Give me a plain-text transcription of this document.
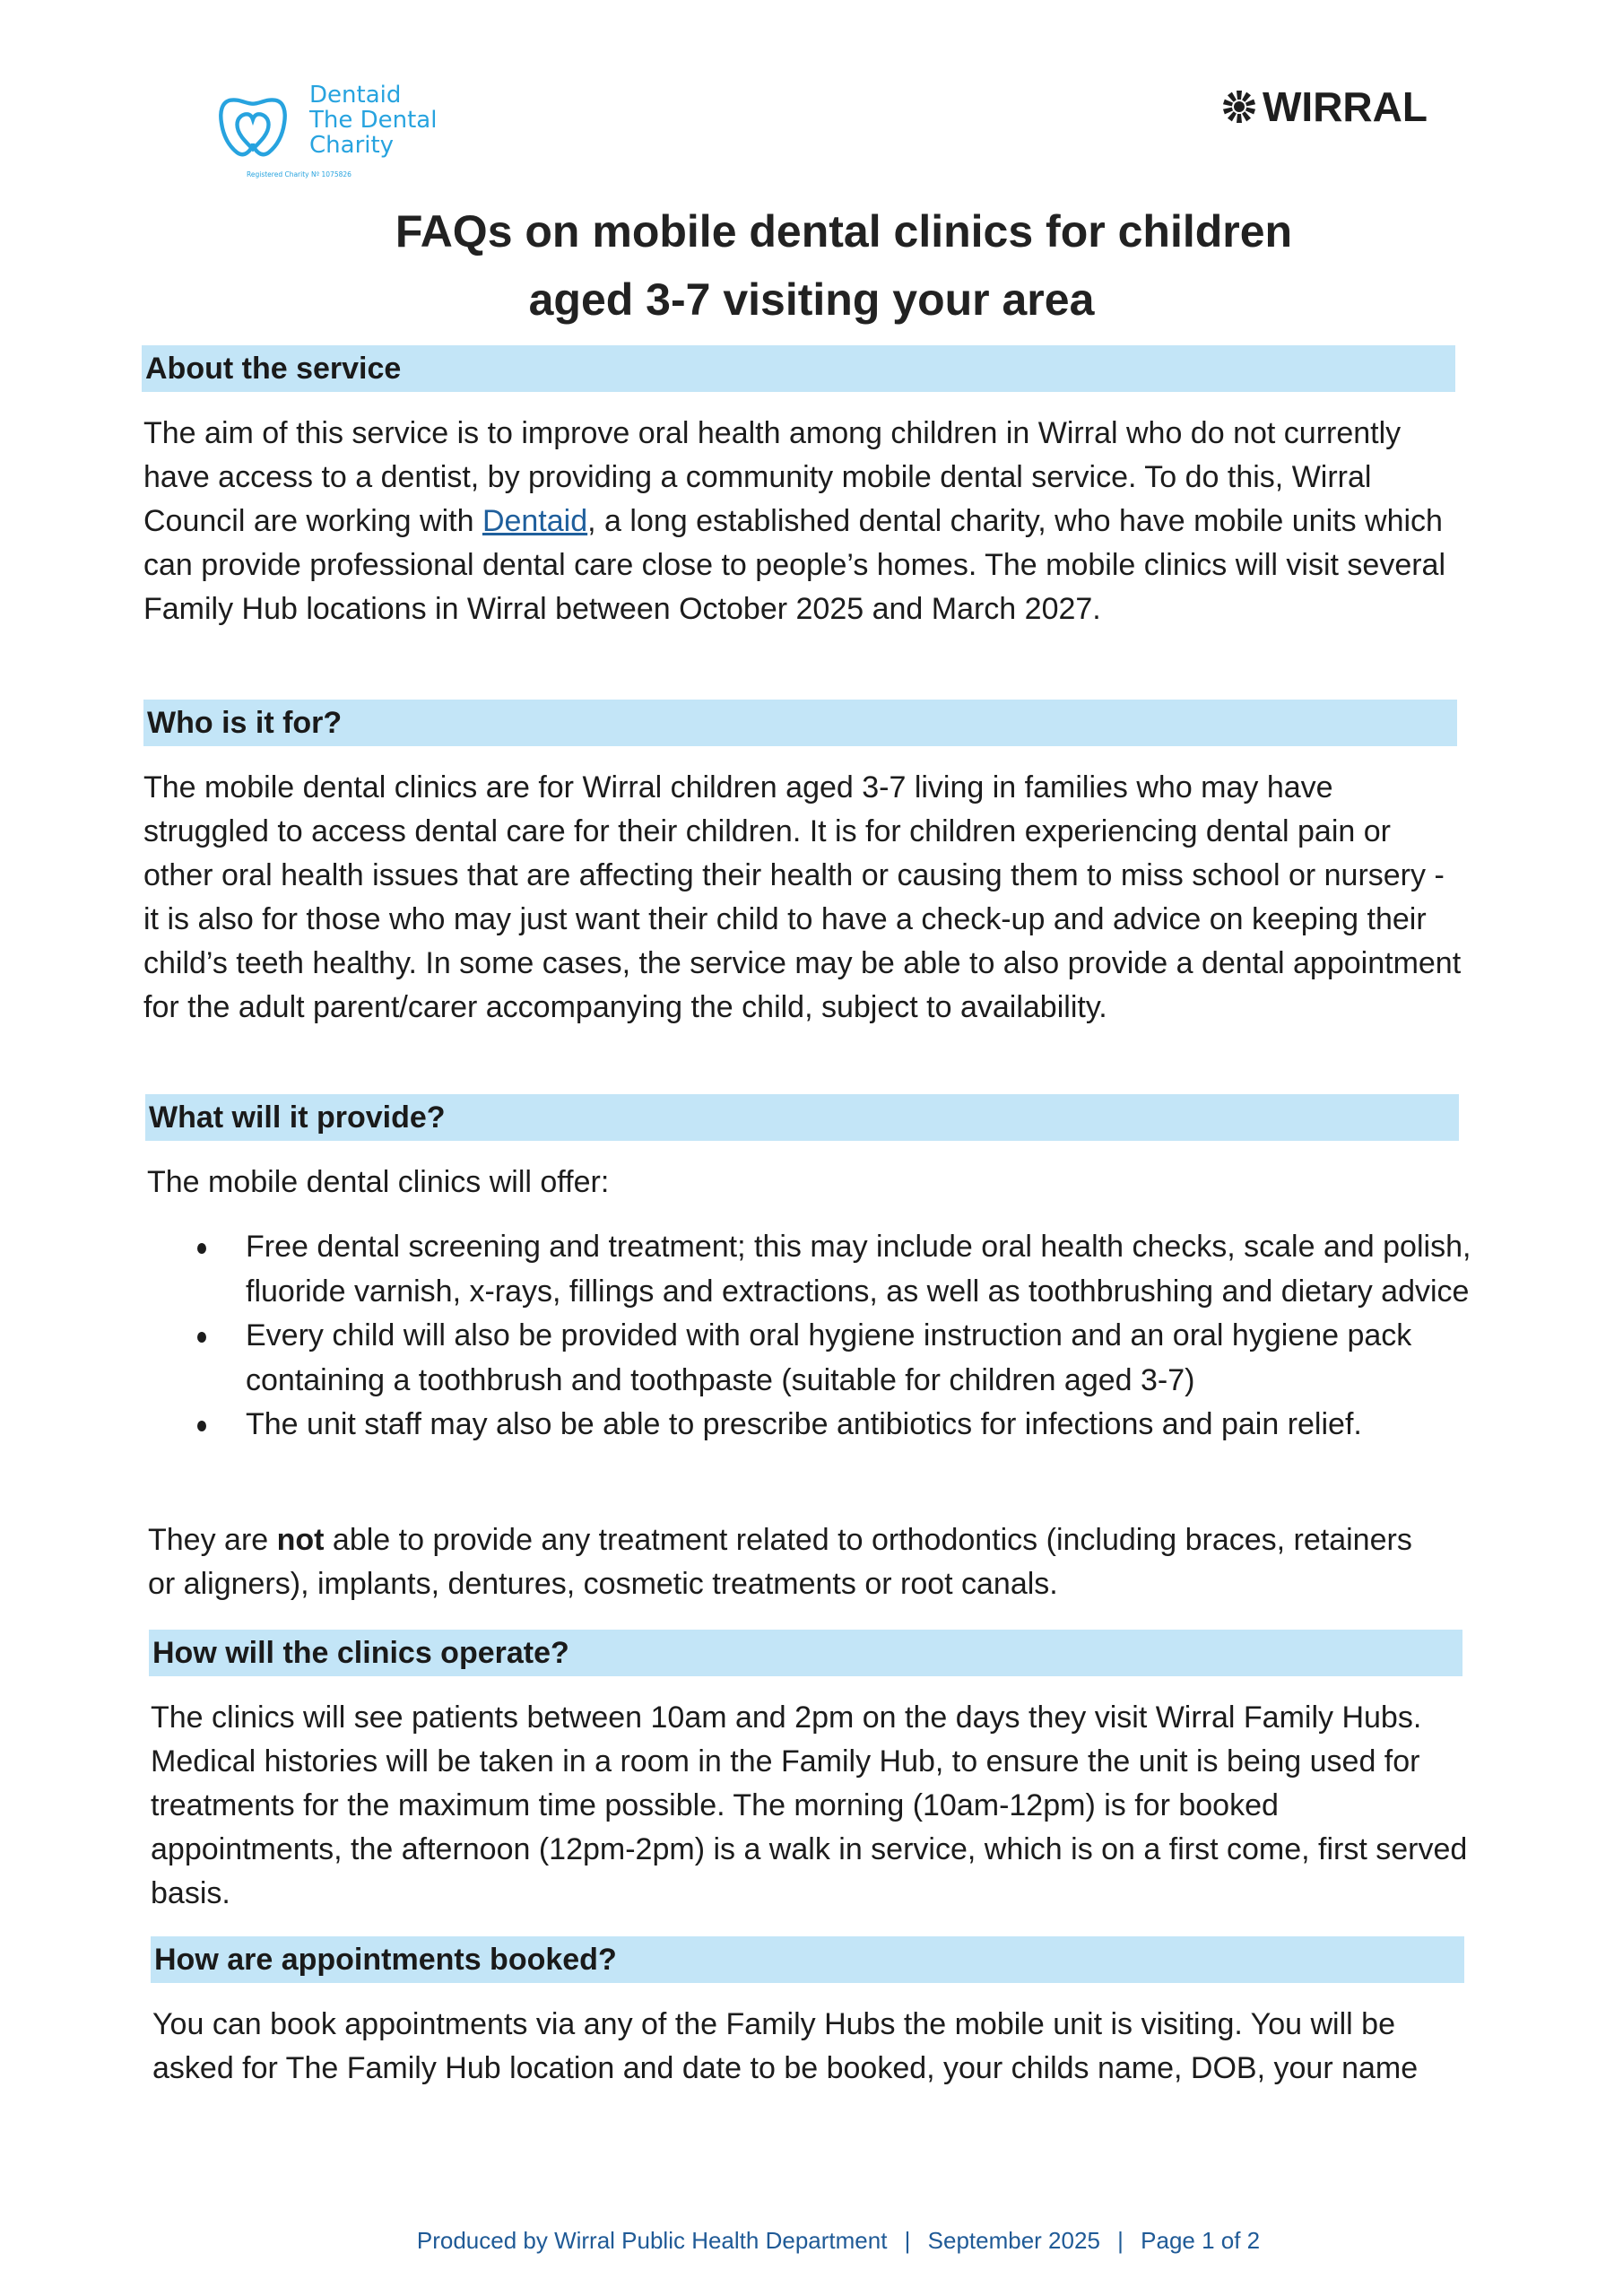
Dentaid
The Dental
Charity
Registered Charity Nº 1075826
WIRRAL
FAQs on mobile dental clinics for children
aged 3-7 visiting your area
About the service
The aim of this service is to improve oral health among children in Wirral who do not currently have access to a dentist, by providing a community mobile dental service. To do this, Wirral Council are working with Dentaid, a long established dental charity, who have mobile units which can provide professional dental care close to people’s homes. The mobile clinics will visit several Family Hub locations in Wirral between October 2025 and March 2027.
Who is it for?
The mobile dental clinics are for Wirral children aged 3-7 living in families who may have struggled to access dental care for their children. It is for children experiencing dental pain or other oral health issues that are affecting their health or causing them to miss school or nursery - it is also for those who may just want their child to have a check-up and advice on keeping their child’s teeth healthy. In some cases, the service may be able to also provide a dental appointment for the adult parent/carer accompanying the child, subject to availability.
What will it provide?
The mobile dental clinics will offer:
Free dental screening and treatment; this may include oral health checks, scale and polish, fluoride varnish, x-rays, fillings and extractions, as well as toothbrushing and dietary advice
Every child will also be provided with oral hygiene instruction and an oral hygiene pack containing a toothbrush and toothpaste (suitable for children aged 3-7)
The unit staff may also be able to prescribe antibiotics for infections and pain relief.
They are not able to provide any treatment related to orthodontics (including braces, retainers or aligners), implants, dentures, cosmetic treatments or root canals.
How will the clinics operate?
The clinics will see patients between 10am and 2pm on the days they visit Wirral Family Hubs. Medical histories will be taken in a room in the Family Hub, to ensure the unit is being used for treatments for the maximum time possible. The morning (10am-12pm) is for booked appointments, the afternoon (12pm-2pm) is a walk in service, which is on a first come, first served basis.
How are appointments booked?
You can book appointments via any of the Family Hubs the mobile unit is visiting. You will be asked for The Family Hub location and date to be booked, your childs name, DOB, your name
Produced by Wirral Public Health Department | September 2025 | Page 1 of 2
